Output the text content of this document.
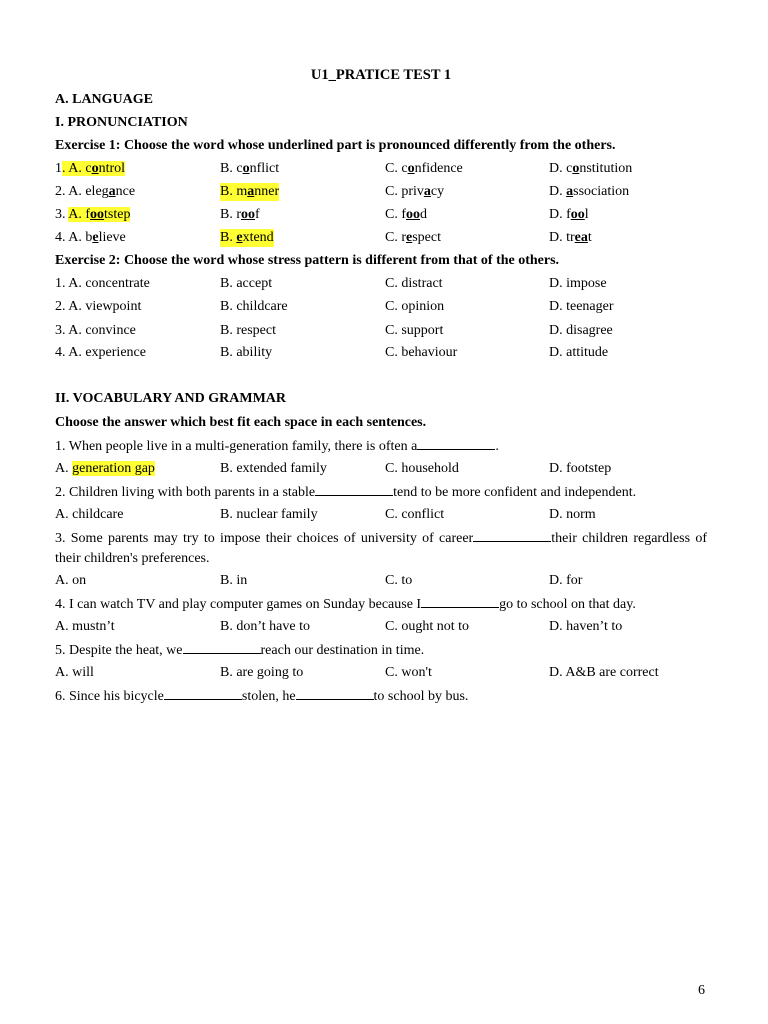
U1_PRATICE TEST 1
A. LANGUAGE
I. PRONUNCIATION
Exercise 1: Choose the word whose underlined part is pronounced differently from the others.
1. A. control	B. conflict	C. confidence	D. constitution
2. A. elegance	B. manner	C. privacy	D. association
3. A. footstep	B. roof	C. food	D. fool
4. A. believe	B. extend	C. respect	D. treat
Exercise 2: Choose the word whose stress pattern is different from that of the others.
1. A. concentrate	B. accept	C. distract	D. impose
2. A. viewpoint	B. childcare	C. opinion	D. teenager
3. A. convince	B. respect	C. support	D. disagree
4. A. experience	B. ability	C. behaviour	D. attitude
II. VOCABULARY AND GRAMMAR
Choose the answer which best fit each space in each sentences.
1. When people live in a multi-generation family, there is often a	.
A. generation gap	B. extended family	C. household	D. footstep
2. Children living with both parents in a stable	tend to be more confident and independent.
A. childcare	B. nuclear family	C. conflict	D. norm
3. Some parents may try to impose their choices of university of career	their children regardless of their children's preferences.
A. on	B. in	C. to	D. for
4. I can watch TV and play computer games on Sunday because I	go to school on that day.
A. mustn’t	B. don’t have to	C. ought not to	D. haven’t to
5. Despite the heat, we	reach our destination in time.
A. will	B. are going to	C. won't	D. A&B are correct
6. Since his bicycle	stolen, he	to school by bus.
6
